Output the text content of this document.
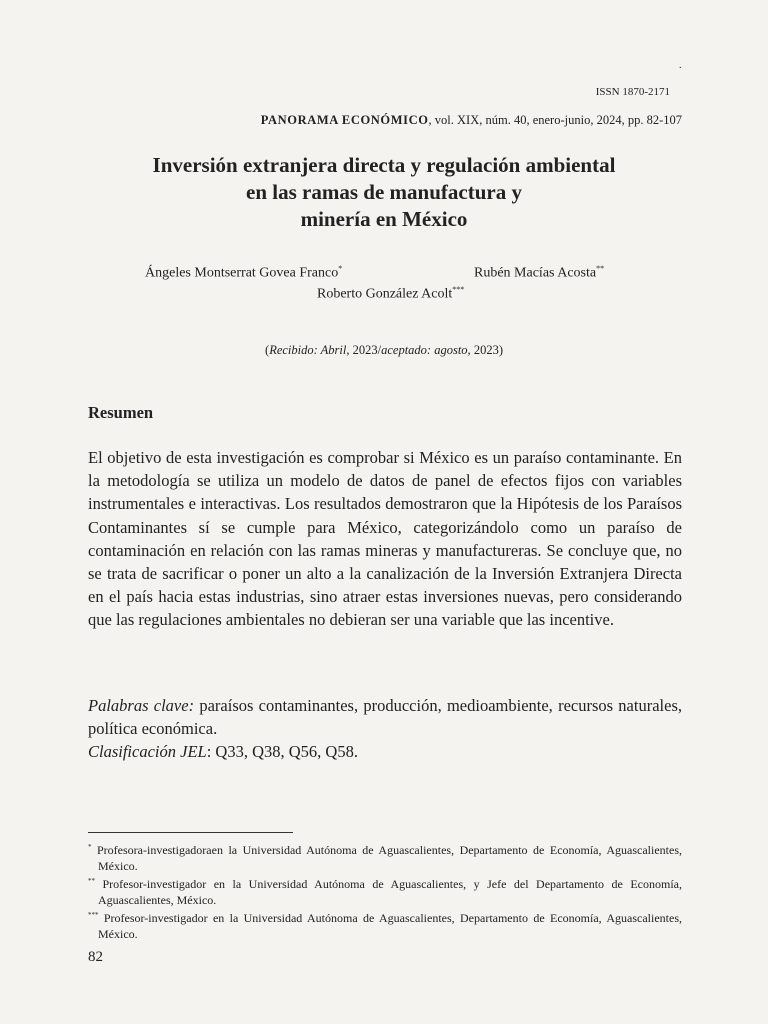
.
ISSN 1870-2171
PANORAMA ECONÓMICO, vol. XIX, núm. 40, enero-junio, 2024, pp. 82-107
Inversión extranjera directa y regulación ambiental
en las ramas de manufactura y
minería en México
Ángeles Montserrat Govea Franco*	Rubén Macías Acosta**
Roberto González Acolt***
(Recibido: Abril, 2023/aceptado: agosto, 2023)
Resumen

El objetivo de esta investigación es comprobar si México es un paraíso contaminante. En la metodología se utiliza un modelo de datos de panel de efectos fijos con variables instrumentales e interactivas. Los resultados demostraron que la Hipótesis de los Paraísos Contaminantes sí se cumple para México, categorizándolo como un paraíso de contaminación en relación con las ramas mineras y manufactureras. Se concluye que, no se trata de sacrificar o poner un alto a la canalización de la Inversión Extranjera Directa en el país hacia estas industrias, sino atraer estas inversiones nuevas, pero considerando que las regulaciones ambientales no debieran ser una variable que las incentive.

Palabras clave: paraísos contaminantes, producción, medioambiente, recursos naturales, política económica.
Clasificación JEL: Q33, Q38, Q56, Q58.

* Profesora-investigadoraen la Universidad Autónoma de Aguascalientes, Departamento de Economía, Aguascalientes, México.

** Profesor-investigador en la Universidad Autónoma de Aguascalientes, y Jefe del Departamento de Economía, Aguascalientes, México.

*** Profesor-investigador en la Universidad Autónoma de Aguascalientes, Departamento de Economía, Aguascalientes, México.

82
